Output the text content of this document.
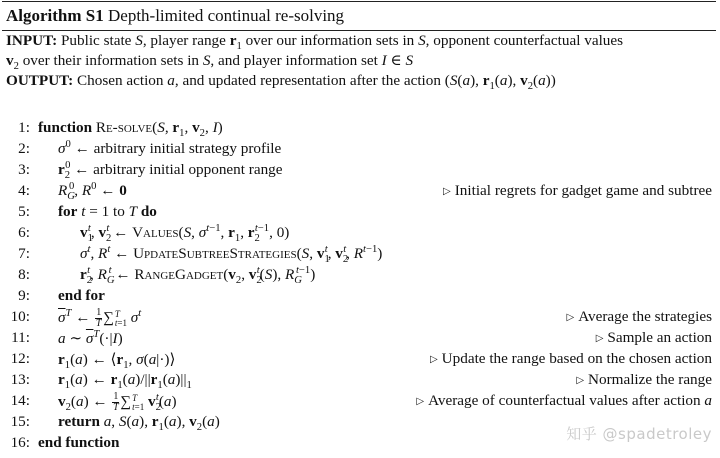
Algorithm S1 Depth-limited continual re-solving
INPUT: Public state S, player range $r_1$ over our information sets in S, opponent counterfactual values
$v_2$ over their information sets in S, and player information set I ∈ S
OUTPUT: Chosen action a, and updated representation after the action (S(a), $r_1(a)$, $v_2(a)$)
1: function Re-solve(S, $r_1$, $v_2$, I)
2: $\sigma^0$ ← arbitrary initial strategy profile
3: $r_2^0$ ← arbitrary initial opponent range
4: $R_G^0$, $R^0$ ← 0	▷ Initial regrets for gadget game and subtree
5: for t = 1 to T do
6:	$v_1^t$, $v_2^t$ ← Values(S, $\sigma^{t-1}$, $r_1$, $r_2^{t-1}$, 0)
7:	$\sigma^t$, $R^t$ ← UpdateSubtreeStrategies(S, $v_1^t$, $v_2^t$, $R^{t-1}$)
8:	$r_2^t$, $R_G^t$ ← $RangeGadget(v_2$, $v_2^t(S)$, $R_G^{t-1}$)
9: end for
10: $\overline{\sigma}^T$ ← $\frac{1}{T}$ ∑ T
t=1 $\sigma^t$	▷ Average the strategies
11: a ∼ $\overline{\sigma}^T(\cdot|I)$	▷ Sample an action
12: $r_1(a)$ ← $⟨r_1$, σ(a|·)⟩	▷ Update the range based on the chosen action
13: $r_1(a)$ ← $r_1(a)/||r_1(a)||_1$	▷ Normalize the range
14: $v_2(a)$ ← $\frac{1}{T}$ ∑ T
t=1 $v_2^t(a)$	▷ Average of counterfactual values after action a
15: return a, S(a), $r_1(a)$, $v_2(a)$
16: end function	知乎 @spadetroley
